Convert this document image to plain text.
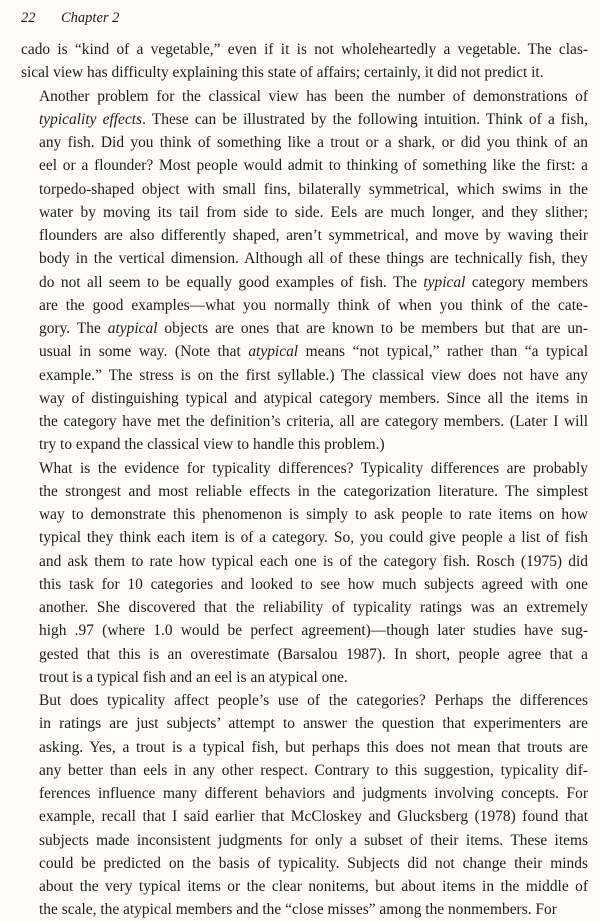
22 Chapter 2

cado is “kind of a vegetable,” even if it is not wholeheartedly a vegetable. The clas-
sical view has difficulty explaining this state of affairs; certainly, it did not predict it.

Another problem for the classical view has been the number of demonstrations of
typicality effects. These can be illustrated by the following intuition. Think of a fish,
any fish. Did you think of something like a trout or a shark, or did you think of an
eel or a flounder? Most people would admit to thinking of something like the first: a
torpedo-shaped object with small fins, bilaterally symmetrical, which swims in the
water by moving its tail from side to side. Eels are much longer, and they slither;
flounders are also differently shaped, aren’t symmetrical, and move by waving their
body in the vertical dimension. Although all of these things are technically fish, they
do not all seem to be equally good examples of fish. The typical category members
are the good examples—what you normally think of when you think of the cate-
gory. The atypical objects are ones that are known to be members but that are un-
usual in some way. (Note that atypical means “not typical,” rather than “a typical
example.” The stress is on the first syllable.) The classical view does not have any
way of distinguishing typical and atypical category members. Since all the items in
the category have met the definition’s criteria, all are category members. (Later I will
try to expand the classical view to handle this problem.)

What is the evidence for typicality differences? Typicality differences are probably
the strongest and most reliable effects in the categorization literature. The simplest
way to demonstrate this phenomenon is simply to ask people to rate items on how
typical they think each item is of a category. So, you could give people a list of fish
and ask them to rate how typical each one is of the category fish. Rosch (1975) did
this task for 10 categories and looked to see how much subjects agreed with one
another. She discovered that the reliability of typicality ratings was an extremely
high .97 (where 1.0 would be perfect agreement)—though later studies have sug-
gested that this is an overestimate (Barsalou 1987). In short, people agree that a
trout is a typical fish and an eel is an atypical one.

But does typicality affect people’s use of the categories? Perhaps the differences
in ratings are just subjects’ attempt to answer the question that experimenters are
asking. Yes, a trout is a typical fish, but perhaps this does not mean that trouts are
any better than eels in any other respect. Contrary to this suggestion, typicality dif-
ferences influence many different behaviors and judgments involving concepts. For
example, recall that I said earlier that McCloskey and Glucksberg (1978) found that
subjects made inconsistent judgments for only a subset of their items. These items
could be predicted on the basis of typicality. Subjects did not change their minds
about the very typical items or the clear nonitems, but about items in the middle of
the scale, the atypical members and the “close misses” among the nonmembers. For
